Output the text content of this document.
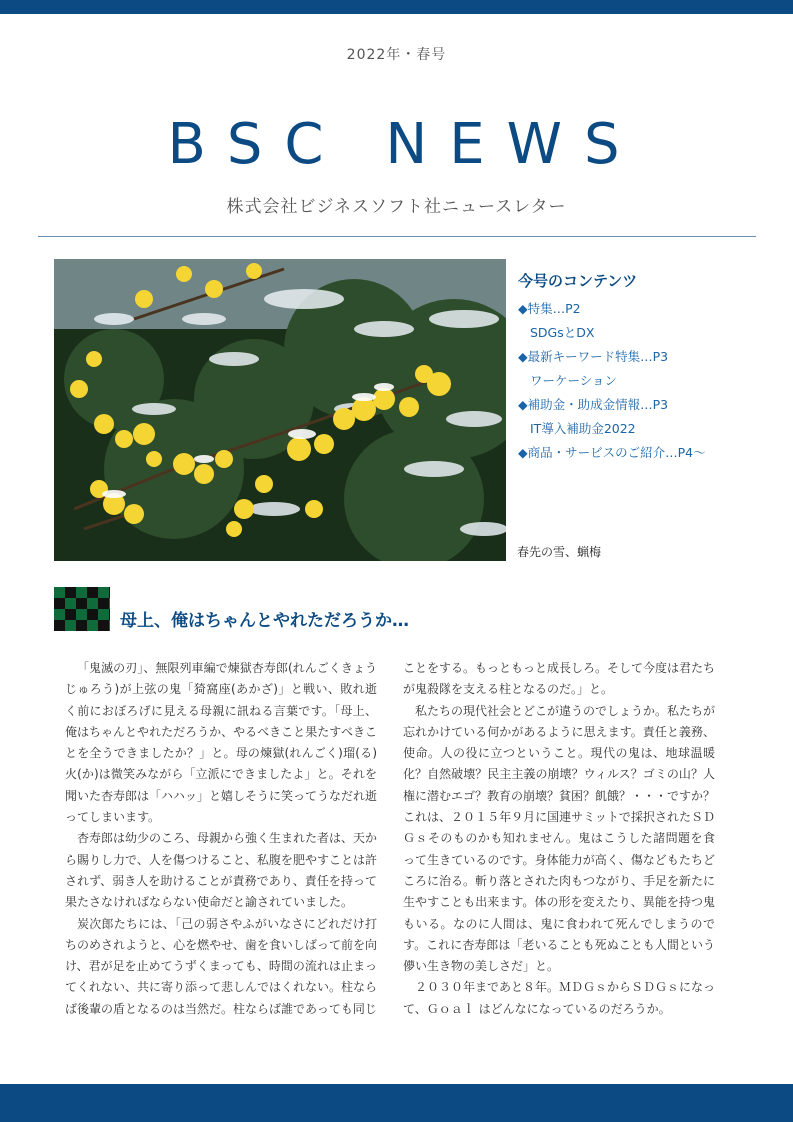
2022年・春号
BSC NEWS
株式会社ビジネスソフト社ニュースレター
春先の雪、蝋梅
今号のコンテンツ
◆特集…P2
SDGsとDX
◆最新キーワード特集…P3
ワーケーション
◆補助金・助成金情報…P3
IT導入補助金2022
◆商品・サービスのご紹介…P4～
母上、俺はちゃんとやれただろうか…

「鬼滅の刃」、無限列車編で煉獄杏寿郎(れんごくきょうじゅろう)が上弦の鬼「猗窩座(あかざ)」と戦い、敗れ逝く前におぼろげに見える母親に訊ねる言葉です。「母上、俺はちゃんとやれただろうか、やるべきこと果たすべきことを全うできましたか？」と。母の煉獄(れんごく)瑠(る)火(か)は微笑みながら「立派にできましたよ」と。それを聞いた杏寿郎は「ハハッ」と嬉しそうに笑ってうなだれ逝ってしまいます。

杏寿郎は幼少のころ、母親から強く生まれた者は、天から賜りし力で、人を傷つけること、私腹を肥やすことは許されず、弱き人を助けることが責務であり、責任を持って果たさなければならない使命だと諭されていました。

炭次郎たちには、「己の弱さやふがいなさにどれだけ打ちのめされようと、心を燃やせ、歯を食いしばって前を向け、君が足を止めてうずくまっても、時間の流れは止まってくれない、共に寄り添って悲しんではくれない。柱ならば後輩の盾となるのは当然だ。柱ならば誰であっても同じ

ことをする。もっともっと成長しろ。そして今度は君たちが鬼殺隊を支える柱となるのだ。」と。

私たちの現代社会とどこが違うのでしょうか。私たちが忘れかけている何かがあるように思えます。責任と義務、使命。人の役に立つということ。現代の鬼は、地球温暖化？自然破壊？民主主義の崩壊？ウィルス？ゴミの山？人権に潜むエゴ？教育の崩壊？貧困？飢餓？・・・ですか？これは、２０１５年９月に国連サミットで採択されたＳＤＧｓそのものかも知れません。鬼はこうした諸問題を食って生きているのです。身体能力が高く、傷などもたちどころに治る。斬り落とされた肉もつながり、手足を新たに生やすことも出来ます。体の形を変えたり、異能を持つ鬼もいる。なのに人間は、鬼に食われて死んでしまうのです。これに杏寿郎は「老いることも死ぬことも人間という儚い生き物の美しさだ」と。

２０３０年まであと８年。ＭＤＧｓからＳＤＧｓになって、Ｇｏａｌ はどんなになっているのだろうか。
